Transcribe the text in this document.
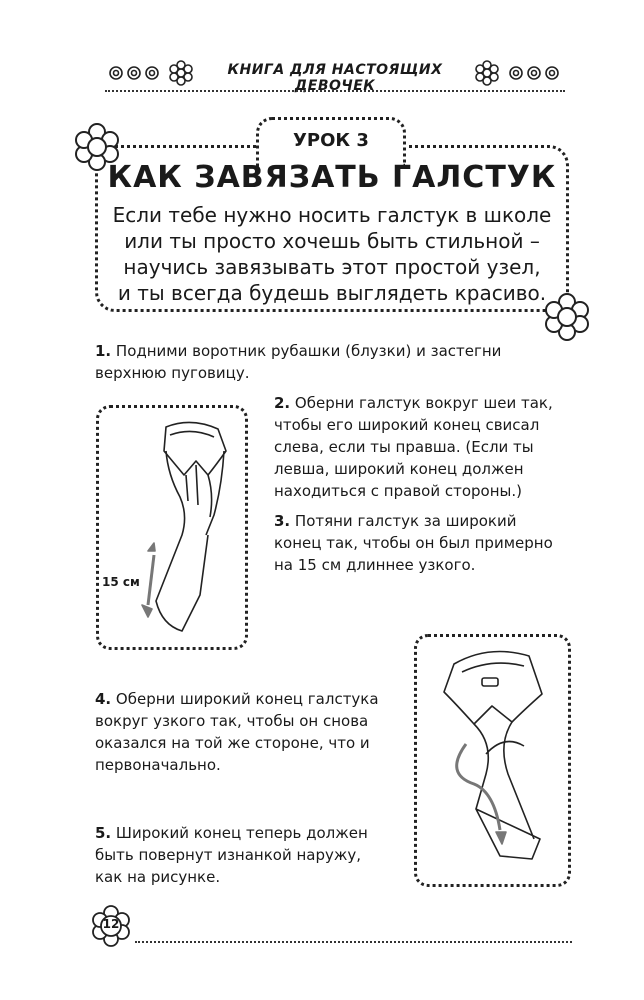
КНИГА ДЛЯ НАСТОЯЩИХ ДЕВОЧЕК
УРОК 3
КАК ЗАВЯЗАТЬ ГАЛСТУК
Если тебе нужно носить галстук в школе
или ты просто хочешь быть стильной –
научись завязывать этот простой узел,
и ты всегда будешь выглядеть красиво.
1. Подними воротник рубашки (блузки) и застегни верхнюю пуговицу.
2. Оберни галстук вокруг шеи так, чтобы его широкий конец свисал слева, если ты правша. (Если ты левша, широкий конец должен находиться с правой стороны.)
3. Потяни галстук за широкий конец так, чтобы он был примерно на 15 см длиннее узкого.
4. Оберни широкий конец галстука вокруг узкого так, чтобы он снова оказался на той же стороне, что и первоначально.
5. Широкий конец теперь должен быть повернут изнанкой наружу, как на рисунке.
15 см
12
